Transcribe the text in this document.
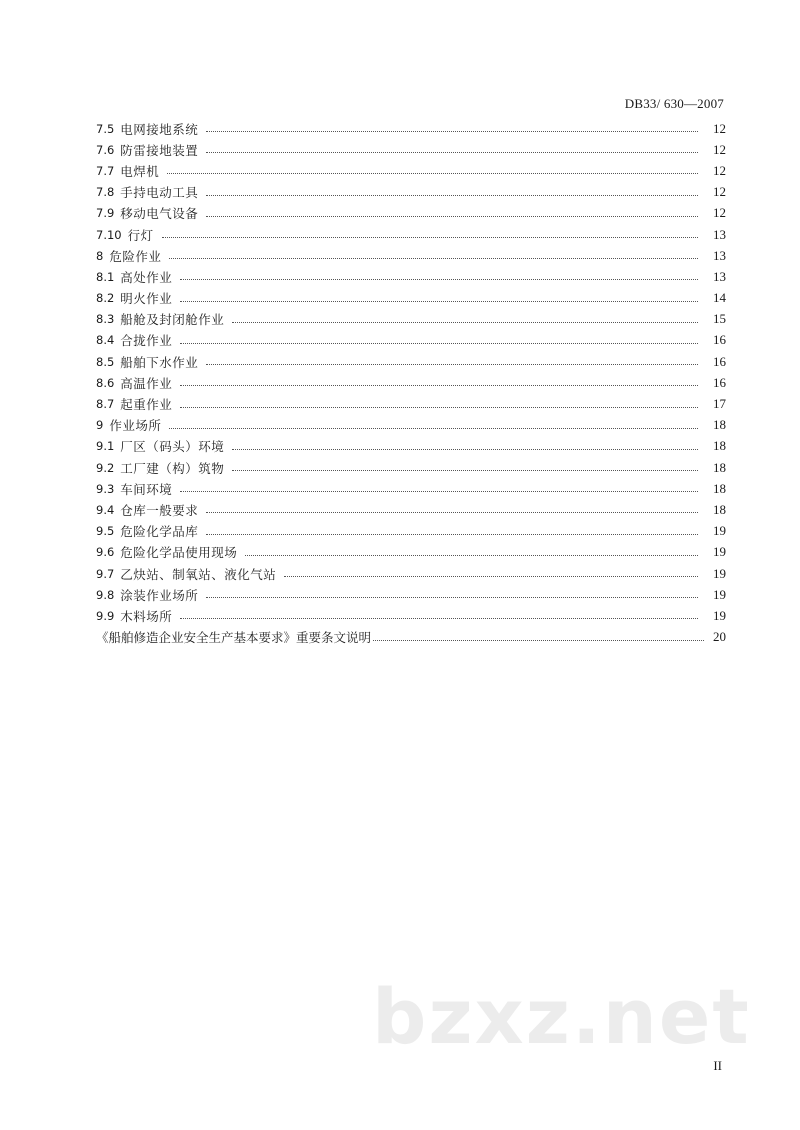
DB33/ 630—2007
7.5 电网接地系统	12
7.6 防雷接地装置	12
7.7 电焊机	12
7.8 手持电动工具	12
7.9 移动电气设备	12
7.10 行灯	13
8 危险作业	13
8.1 高处作业	13
8.2 明火作业	14
8.3 船舱及封闭舱作业	15
8.4 合拢作业	16
8.5 船舶下水作业	16
8.6 高温作业	16
8.7 起重作业	17
9 作业场所	18
9.1 厂区（码头）环境	18
9.2 工厂建（构）筑物	18
9.3 车间环境	18
9.4 仓库一般要求	18
9.5 危险化学品库	19
9.6 危险化学品使用现场	19
9.7 乙炔站、制氧站、液化气站	19
9.8 涂装作业场所	19
9.9 木料场所	19
《船舶修造企业安全生产基本要求》重要条文说明	20
II
bzxz.net
